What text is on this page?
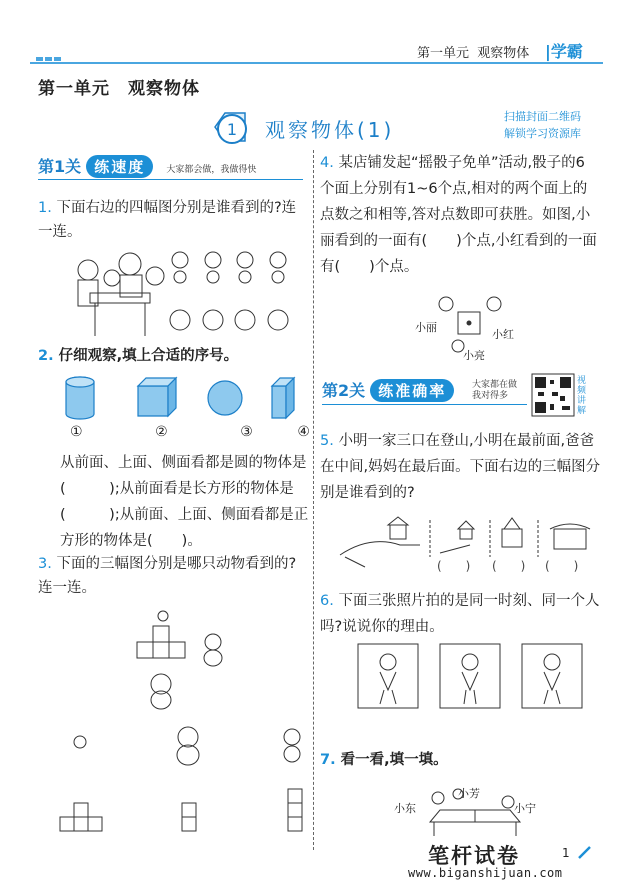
第一单元 观察物体 |学霸
第一单元　观察物体
1	观察物体(1)
扫描封面二维码
解锁学习资源库
第1关 练速度 大家都会做，我做得快
1. 下面右边的四幅图分别是谁看到的?连一连。
2. 仔细观察,填上合适的序号。
①	②	③	④
从前面、上面、侧面看都是圆的物体是(　　　);从前面看是长方形的物体是(　　　);从前面、上面、侧面看都是正方形的物体是(　　)。
3. 下面的三幅图分别是哪只动物看到的?连一连。
4. 某店铺发起“摇骰子免单”活动,骰子的6个面上分别有1~6个点,相对的两个面上的点数之和相等,答对点数即可获胜。如图,小丽看到的一面有(　　)个点,小红看到的一面有(　　)个点。
小丽
小红
小亮
第2关 练准确率	大家都在做
我对得多
视频讲解
5. 小明一家三口在登山,小明在最前面,爸爸在中间,妈妈在最后面。下面右边的三幅图分别是谁看到的?
(　　) (　　) (　　)
6. 下面三张照片拍的是同一时刻、同一个人吗?说说你的理由。
7. 看一看,填一填。
小东
小芳
小宁
笔杆试卷
www.biganshijuan.com
1
